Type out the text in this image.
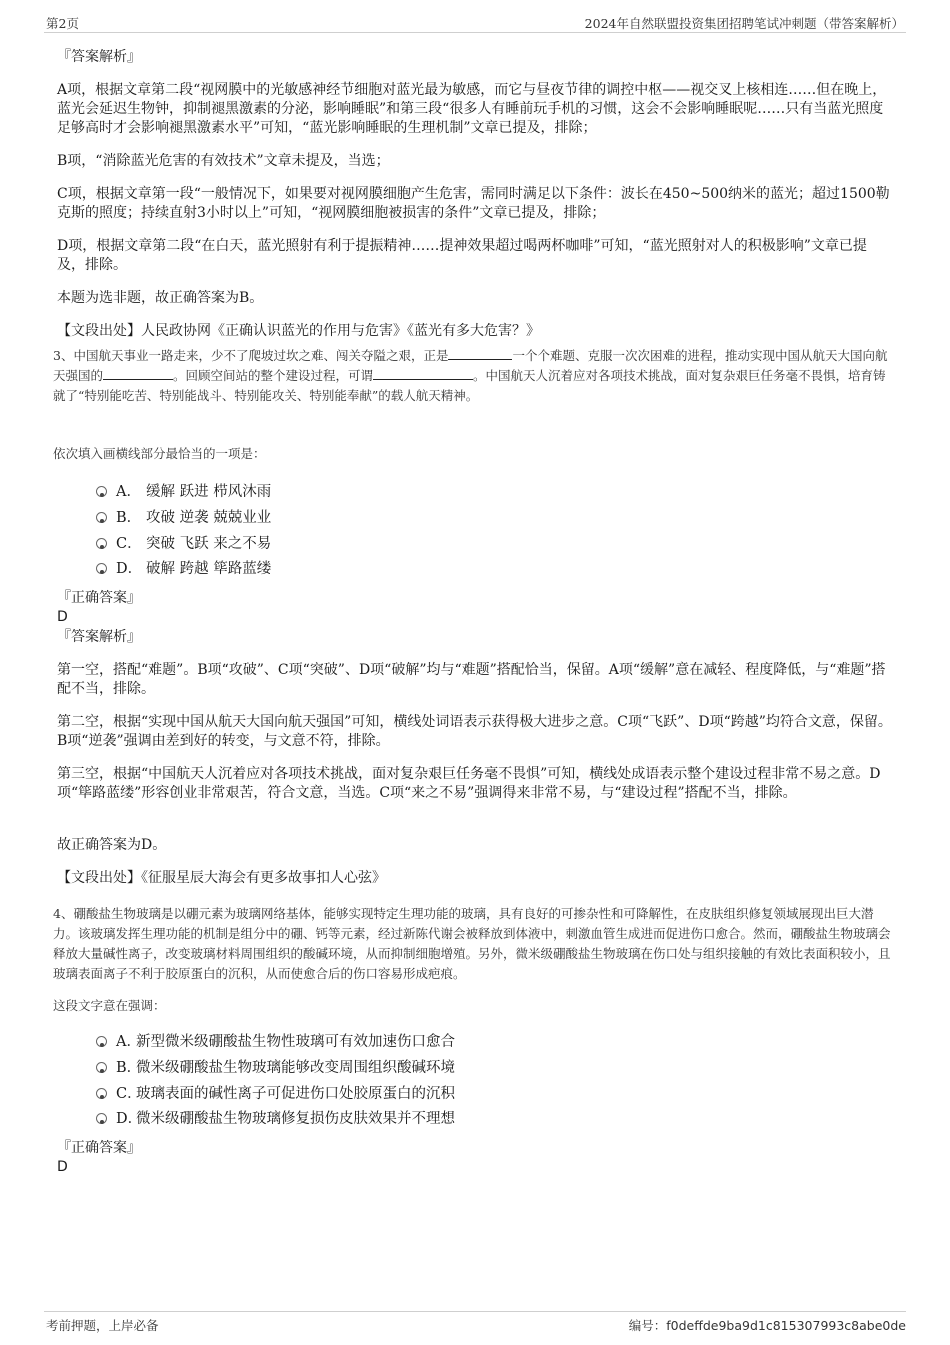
第2页	2024年自然联盟投资集团招聘笔试冲刺题（带答案解析）

『答案解析』

A项，根据文章第二段“视网膜中的光敏感神经节细胞对蓝光最为敏感，而它与昼夜节律的调控中枢——视交叉上核相连……但在晚上，蓝光会延迟生物钟，抑制褪黑激素的分泌，影响睡眠”和第三段“很多人有睡前玩手机的习惯，这会不会影响睡眠呢……只有当蓝光照度足够高时才会影响褪黑激素水平”可知，“蓝光影响睡眠的生理机制”文章已提及，排除；

B项，“消除蓝光危害的有效技术”文章未提及，当选；

C项，根据文章第一段“一般情况下，如果要对视网膜细胞产生危害，需同时满足以下条件：波长在450~500纳米的蓝光；超过1500勒克斯的照度；持续直射3小时以上”可知，“视网膜细胞被损害的条件”文章已提及，排除；

D项，根据文章第二段“在白天，蓝光照射有利于提振精神……提神效果超过喝两杯咖啡”可知，“蓝光照射对人的积极影响”文章已提及，排除。

本题为选非题，故正确答案为B。

【文段出处】人民政协网《正确认识蓝光的作用与危害》《蓝光有多大危害？》

3、中国航天事业一路走来，少不了爬坡过坎之难、闯关夺隘之艰，正是	一个个难题、克服一次次困难的进程，推动实现中国从航天大国向航天强国的	。回顾空间站的整个建设过程，可谓	。中国航天人沉着应对各项技术挑战，面对复杂艰巨任务毫不畏惧，培育铸就了“特别能吃苦、特别能战斗、特别能攻关、特别能奉献”的载人航天精神。
依次填入画横线部分最恰当的一项是：
A． 缓解 跃进 栉风沐雨
B． 攻破 逆袭 兢兢业业
C． 突破 飞跃 来之不易
D． 破解 跨越 筚路蓝缕

『正确答案』

D

『答案解析』

第一空，搭配“难题”。B项“攻破”、C项“突破”、D项“破解”均与“难题”搭配恰当，保留。A项“缓解”意在减轻、程度降低，与“难题”搭配不当，排除。

第二空，根据“实现中国从航天大国向航天强国”可知，横线处词语表示获得极大进步之意。C项“飞跃”、D项“跨越”均符合文意，保留。B项“逆袭”强调由差到好的转变，与文意不符，排除。

第三空，根据“中国航天人沉着应对各项技术挑战，面对复杂艰巨任务毫不畏惧”可知，横线处成语表示整个建设过程非常不易之意。D项“筚路蓝缕”形容创业非常艰苦，符合文意，当选。C项“来之不易”强调得来非常不易，与“建设过程”搭配不当，排除。

故正确答案为D。

【文段出处】《征服星辰大海会有更多故事扣人心弦》

4、硼酸盐生物玻璃是以硼元素为玻璃网络基体，能够实现特定生理功能的玻璃，具有良好的可掺杂性和可降解性，在皮肤组织修复领域展现出巨大潜力。该玻璃发挥生理功能的机制是组分中的硼、钙等元素，经过新陈代谢会被释放到体液中，刺激血管生成进而促进伤口愈合。然而，硼酸盐生物玻璃会释放大量碱性离子，改变玻璃材料周围组织的酸碱环境，从而抑制细胞增殖。另外，微米级硼酸盐生物玻璃在伤口处与组织接触的有效比表面积较小，且玻璃表面离子不利于胶原蛋白的沉积，从而使愈合后的伤口容易形成疤痕。
这段文字意在强调：
A．新型微米级硼酸盐生物性玻璃可有效加速伤口愈合
B．微米级硼酸盐生物玻璃能够改变周围组织酸碱环境
C．玻璃表面的碱性离子可促进伤口处胶原蛋白的沉积
D．微米级硼酸盐生物玻璃修复损伤皮肤效果并不理想

『正确答案』

D

考前押题，上岸必备	编号：f0deffde9ba9d1c815307993c8abe0de
